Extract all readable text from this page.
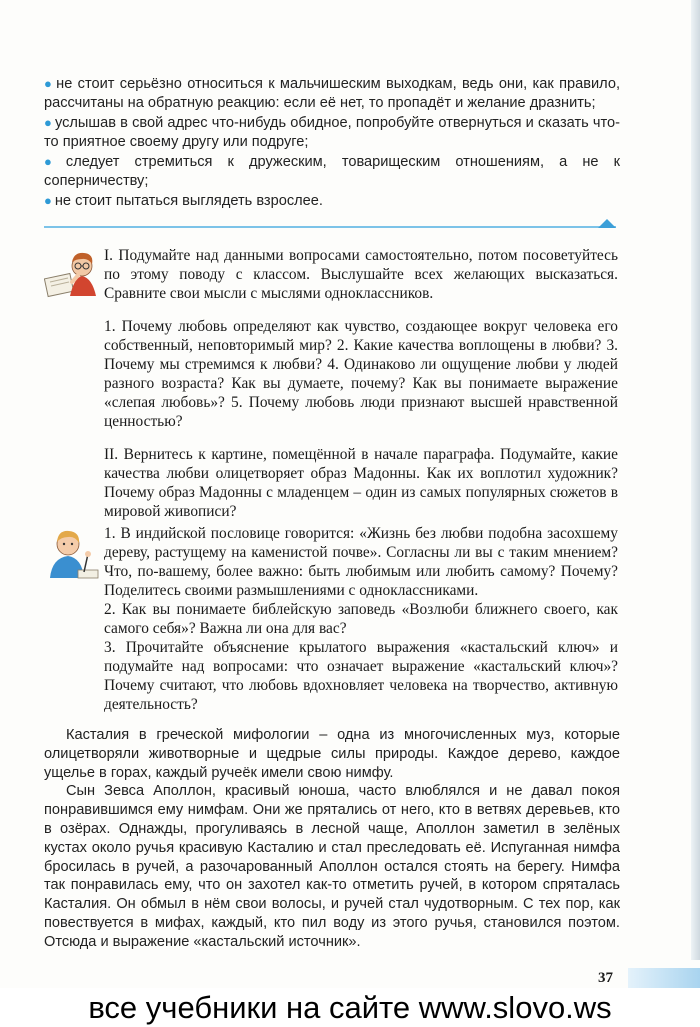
● не стоит серьёзно относиться к мальчишеским выходкам, ведь они, как правило, рассчитаны на обратную реакцию: если её нет, то пропадёт и желание дразнить;

● услышав в свой адрес что-нибудь обидное, попробуйте отвернуться и сказать что-то приятное своему другу или подруге;

● следует стремиться к дружеским, товарищеским отношениям, а не к соперничеству;

● не стоит пытаться выглядеть взрослее.

I. Подумайте над данными вопросами самостоятельно, потом посоветуйтесь по этому поводу с классом. Выслушайте всех желающих высказаться. Сравните свои мысли с мыслями одноклассников.

1. Почему любовь определяют как чувство, создающее вокруг человека его собственный, неповторимый мир? 2. Какие качества воплощены в любви? 3. Почему мы стремимся к любви? 4. Одинаково ли ощущение любви у людей разного возраста? Как вы думаете, почему? Как вы понимаете выражение «слепая любовь»? 5. Почему любовь люди признают высшей нравственной ценностью?

II. Вернитесь к картине, помещённой в начале параграфа. Подумайте, какие качества любви олицетворяет образ Мадонны. Как их воплотил художник? Почему образ Мадонны с младенцем – один из самых популярных сюжетов в мировой живописи?

1. В индийской пословице говорится: «Жизнь без любви подобна засохшему дереву, растущему на каменистой почве». Согласны ли вы с таким мнением? Что, по-вашему, более важно: быть любимым или любить самому? Почему? Поделитесь своими размышлениями с одноклассниками.

2. Как вы понимаете библейскую заповедь «Возлюби ближнего своего, как самого себя»? Важна ли она для вас?

3. Прочитайте объяснение крылатого выражения «кастальский ключ» и подумайте над вопросами: что означает выражение «кастальский ключ»? Почему считают, что любовь вдохновляет человека на творчество, активную деятельность?

Касталия в греческой мифологии – одна из многочисленных муз, которые олицетворяли животворные и щедрые силы природы. Каждое дерево, каждое ущелье в горах, каждый ручеёк имели свою нимфу.

Сын Зевса Аполлон, красивый юноша, часто влюблялся и не давал покоя понравившимся ему нимфам. Они же прятались от него, кто в ветвях деревьев, кто в озёрах. Однажды, прогуливаясь в лесной чаще, Аполлон заметил в зелёных кустах около ручья красивую Касталию и стал преследовать её. Испуганная нимфа бросилась в ручей, а разочарованный Аполлон остался стоять на берегу. Нимфа так понравилась ему, что он захотел как-то отметить ручей, в котором спряталась Касталия. Он обмыл в нём свои волосы, и ручей стал чудотворным. С тех пор, как повествуется в мифах, каждый, кто пил воду из этого ручья, становился поэтом. Отсюда и выражение «кастальский источник».

37
все учебники на сайте www.slovo.ws
